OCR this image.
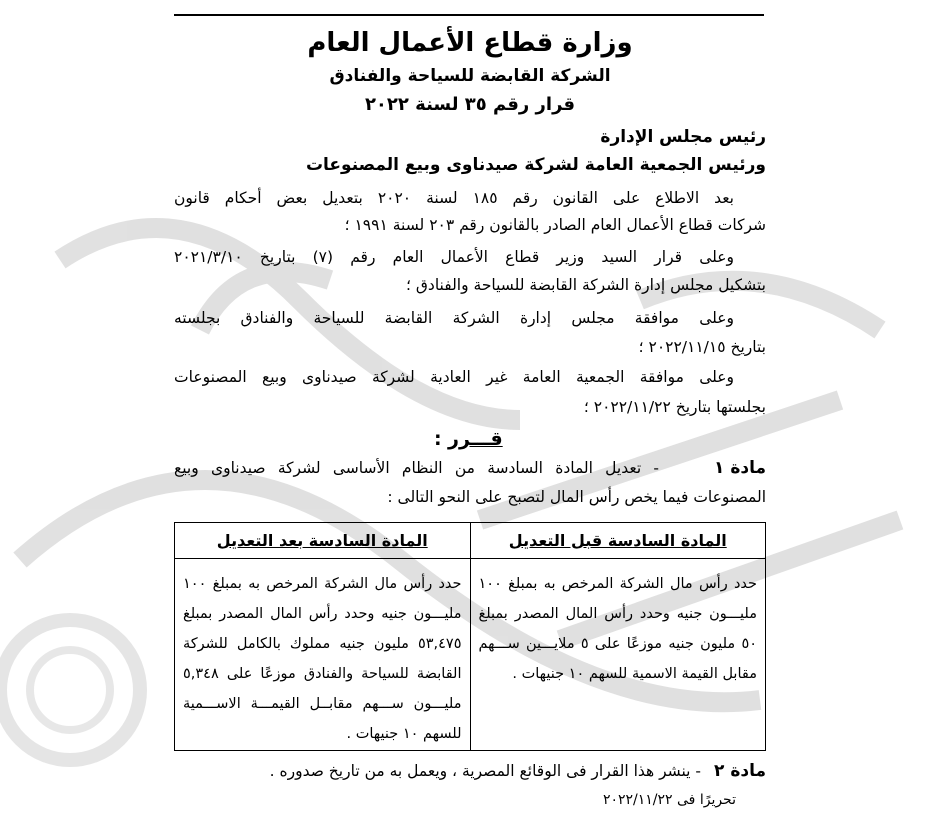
وزارة قطاع الأعمال العام
الشركة القابضة للسياحة والفنادق
قرار رقم ٣٥ لسنة ٢٠٢٢
رئيس مجلس الإدارة
ورئيس الجمعية العامة لشركة صيدناوى وبيع المصنوعات
بعد الاطلاع على القانون رقم ١٨٥ لسنة ٢٠٢٠ بتعديل بعض أحكام قانون
شركات قطاع الأعمال العام الصادر بالقانون رقم ٢٠٣ لسنة ١٩٩١ ؛
وعلى قرار السيد وزير قطاع الأعمال العام رقم (٧) بتاريخ ٢٠٢١/٣/١٠
بتشكيل مجلس إدارة الشركة القابضة للسياحة والفنادق ؛
وعلى موافقة مجلس إدارة الشركة القابضة للسياحة والفنادق بجلسته
بتاريخ ٢٠٢٢/١١/١٥ ؛
وعلى موافقة الجمعية العامة غير العادية لشركة صيدناوى وبيع المصنوعات
بجلستها بتاريخ ٢٠٢٢/١١/٢٢ ؛
قـــرر
:
مادة ١
- تعديل المادة السادسة من النظام الأساسى لشركة صيدناوى وبيع
المصنوعات فيما يخص رأس المال لتصبح على النحو التالى :
المادة السادسة قبل التعديل	المادة السادسة بعد التعديل
حدد رأس مال الشركة المرخص به بمبلغ ١٠٠ مليـــون جنيه وحدد رأس المال المصدر بمبلغ ٥٠ مليون جنيه موزعًا على ٥ ملايـــين ســـهم مقابل القيمة الاسمية للسهم ١٠ جنيهات .	حدد رأس مال الشركة المرخص به بمبلغ ١٠٠ مليـــون جنيه وحدد رأس المال المصدر بمبلغ ٥٣,٤٧٥ مليون جنيه مملوك بالكامل للشركة القابضة للسياحة والفنادق موزعًا على ٥,٣٤٨ مليـــون ســـهم مقابــل القيمـــة الاســـمية للسهم ١٠ جنيهات .
مادة ٢
- ينشر هذا القرار فى الوقائع المصرية ، ويعمل به من تاريخ صدوره .
تحريرًا فى ٢٠٢٢/١١/٢٢
